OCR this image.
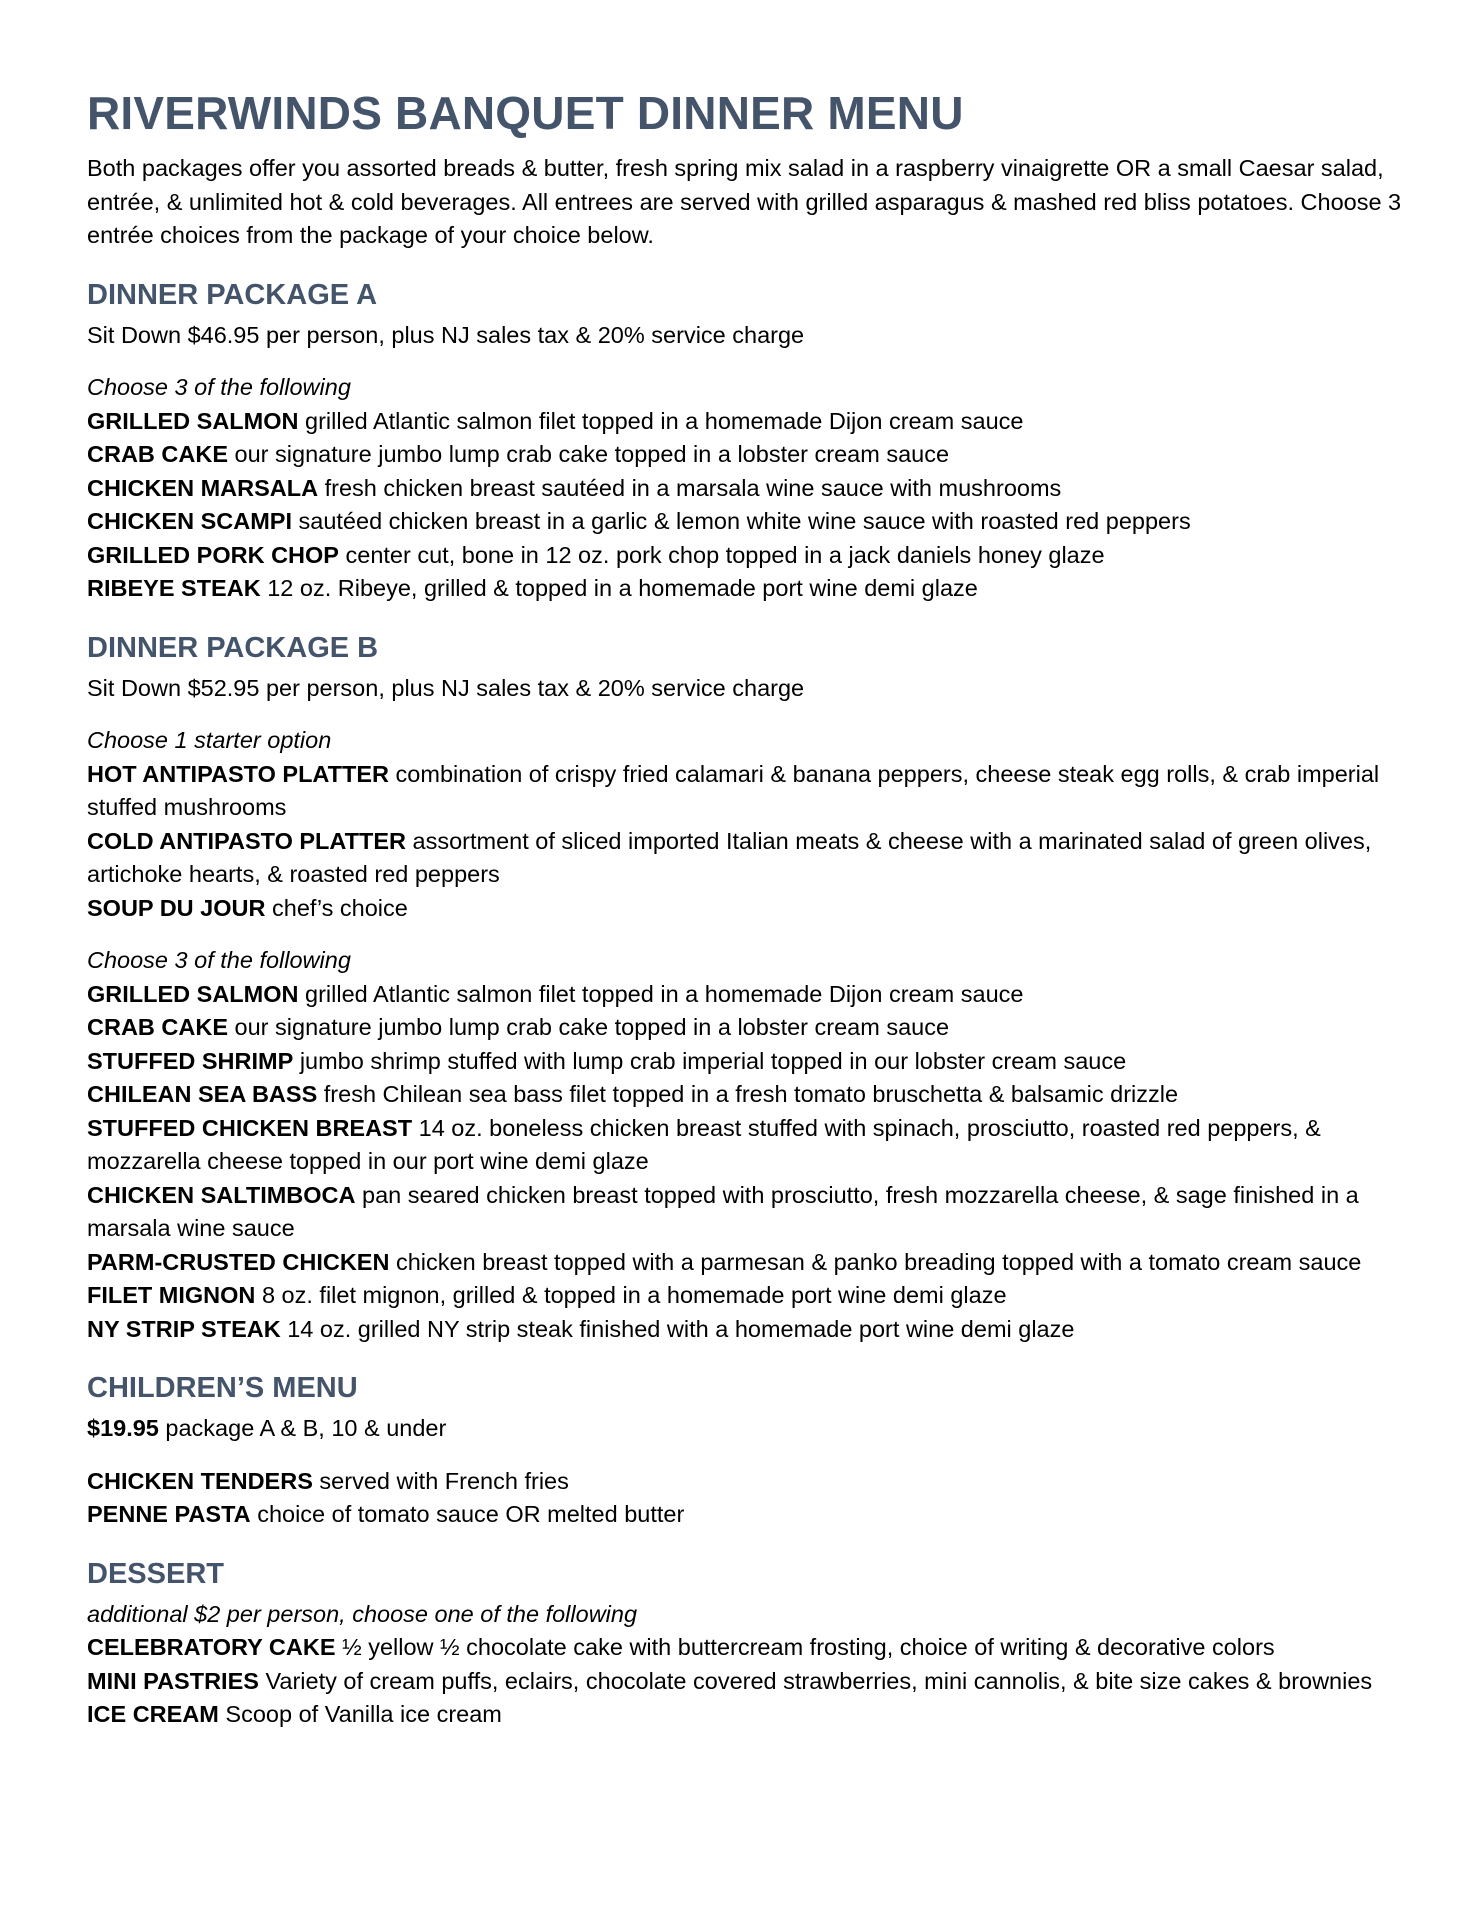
RIVERWINDS BANQUET DINNER MENU

Both packages offer you assorted breads & butter, fresh spring mix salad in a raspberry vinaigrette OR a small Caesar salad, entrée, & unlimited hot & cold beverages. All entrees are served with grilled asparagus & mashed red bliss potatoes. Choose 3 entrée choices from the package of your choice below.

DINNER PACKAGE A

Sit Down $46.95 per person, plus NJ sales tax & 20% service charge

Choose 3 of the following

GRILLED SALMON grilled Atlantic salmon filet topped in a homemade Dijon cream sauce

CRAB CAKE our signature jumbo lump crab cake topped in a lobster cream sauce

CHICKEN MARSALA fresh chicken breast sautéed in a marsala wine sauce with mushrooms

CHICKEN SCAMPI sautéed chicken breast in a garlic & lemon white wine sauce with roasted red peppers

GRILLED PORK CHOP center cut, bone in 12 oz. pork chop topped in a jack daniels honey glaze

RIBEYE STEAK 12 oz. Ribeye, grilled & topped in a homemade port wine demi glaze

DINNER PACKAGE B

Sit Down $52.95 per person, plus NJ sales tax & 20% service charge

Choose 1 starter option

HOT ANTIPASTO PLATTER combination of crispy fried calamari & banana peppers, cheese steak egg rolls, & crab imperial stuffed mushrooms

COLD ANTIPASTO PLATTER assortment of sliced imported Italian meats & cheese with a marinated salad of green olives, artichoke hearts, & roasted red peppers

SOUP DU JOUR chef’s choice

Choose 3 of the following

GRILLED SALMON grilled Atlantic salmon filet topped in a homemade Dijon cream sauce

CRAB CAKE our signature jumbo lump crab cake topped in a lobster cream sauce

STUFFED SHRIMP jumbo shrimp stuffed with lump crab imperial topped in our lobster cream sauce

CHILEAN SEA BASS fresh Chilean sea bass filet topped in a fresh tomato bruschetta & balsamic drizzle

STUFFED CHICKEN BREAST 14 oz. boneless chicken breast stuffed with spinach, prosciutto, roasted red peppers, & mozzarella cheese topped in our port wine demi glaze

CHICKEN SALTIMBOCA pan seared chicken breast topped with prosciutto, fresh mozzarella cheese, & sage finished in a marsala wine sauce

PARM-CRUSTED CHICKEN chicken breast topped with a parmesan & panko breading topped with a tomato cream sauce

FILET MIGNON 8 oz. filet mignon, grilled & topped in a homemade port wine demi glaze

NY STRIP STEAK 14 oz. grilled NY strip steak finished with a homemade port wine demi glaze

CHILDREN’S MENU

$19.95 package A & B, 10 & under

CHICKEN TENDERS served with French fries

PENNE PASTA choice of tomato sauce OR melted butter

DESSERT

additional $2 per person, choose one of the following

CELEBRATORY CAKE ½ yellow ½ chocolate cake with buttercream frosting, choice of writing & decorative colors

MINI PASTRIES Variety of cream puffs, eclairs, chocolate covered strawberries, mini cannolis, & bite size cakes & brownies

ICE CREAM Scoop of Vanilla ice cream
